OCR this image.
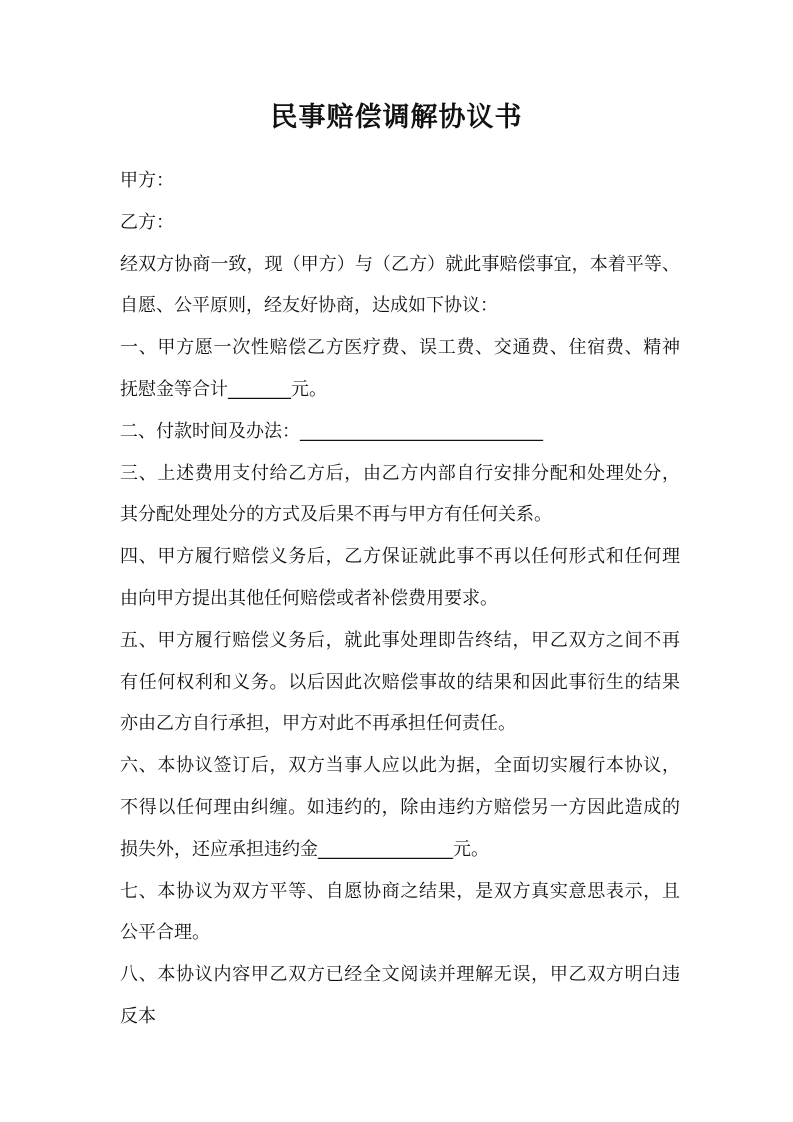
民事赔偿调解协议书
甲方：
乙方：
经双方协商一致，现（甲方）与（乙方）就此事赔偿事宜，本着平等、
自愿、公平原则，经友好协商，达成如下协议：
一、甲方愿一次性赔偿乙方医疗费、误工费、交通费、住宿费、精神
抚慰金等合计_______元。
二、付款时间及办法：___________________________
三、上述费用支付给乙方后，由乙方内部自行安排分配和处理处分，
其分配处理处分的方式及后果不再与甲方有任何关系。
四、甲方履行赔偿义务后，乙方保证就此事不再以任何形式和任何理
由向甲方提出其他任何赔偿或者补偿费用要求。
五、甲方履行赔偿义务后，就此事处理即告终结，甲乙双方之间不再
有任何权利和义务。以后因此次赔偿事故的结果和因此事衍生的结果
亦由乙方自行承担，甲方对此不再承担任何责任。
六、本协议签订后，双方当事人应以此为据，全面切实履行本协议，
不得以任何理由纠缠。如违约的，除由违约方赔偿另一方因此造成的
损失外，还应承担违约金_______________元。
七、本协议为双方平等、自愿协商之结果，是双方真实意思表示，且
公平合理。
八、本协议内容甲乙双方已经全文阅读并理解无误，甲乙双方明白违
反本
